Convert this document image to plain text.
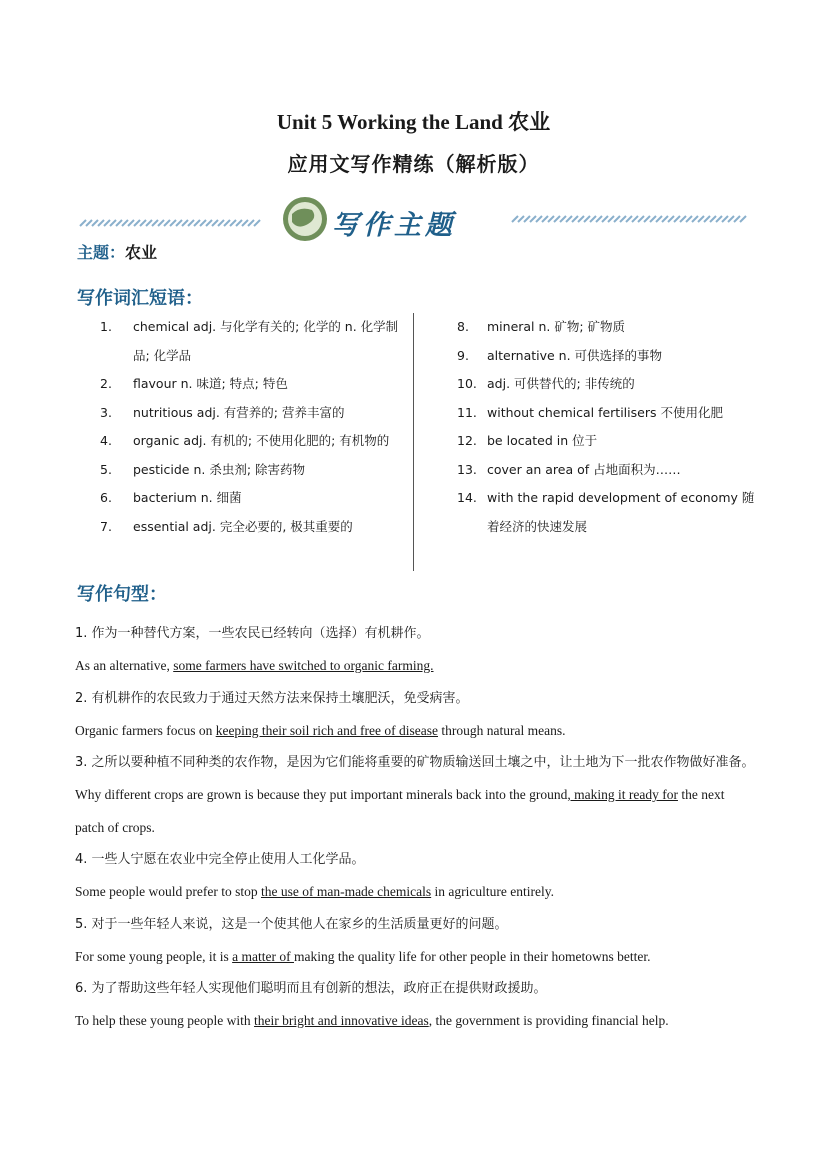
Unit 5 Working the Land 农业
应用文写作精练（解析版）
写作主题
主题：农业
写作词汇短语：
1.	chemical adj. 与化学有关的; 化学的 n. 化学制品; 化学品
2.	flavour n. 味道; 特点; 特色
3.	nutritious adj. 有营养的; 营养丰富的
4.	organic adj. 有机的; 不使用化肥的; 有机物的
5.	pesticide n. 杀虫剂; 除害药物
6.	bacterium n. 细菌
7.	essential adj. 完全必要的, 极其重要的
8.	mineral n. 矿物; 矿物质
9.	alternative n. 可供选择的事物
10. adj. 可供替代的; 非传统的
11. without chemical fertilisers 不使用化肥
12. be located in 位于
13. cover an area of 占地面积为……
14. with the rapid development of economy 随着经济的快速发展
写作句型：
1. 作为一种替代方案，一些农民已经转向（选择）有机耕作。
As an alternative, some farmers have switched to organic farming.
2. 有机耕作的农民致力于通过天然方法来保持土壤肥沃，免受病害。
Organic farmers focus on keeping their soil rich and free of disease through natural means.
3. 之所以要种植不同种类的农作物，是因为它们能将重要的矿物质输送回土壤之中，让土地为下一批农作物做好准备。
Why different crops are grown is because they put important minerals back into the ground, making it ready for the next patch of crops.
4. 一些人宁愿在农业中完全停止使用人工化学品。
Some people would prefer to stop the use of man-made chemicals in agriculture entirely.
5. 对于一些年轻人来说，这是一个使其他人在家乡的生活质量更好的问题。
For some young people, it is a matter of making the quality life for other people in their hometowns better.
6. 为了帮助这些年轻人实现他们聪明而且有创新的想法，政府正在提供财政援助。
To help these young people with their bright and innovative ideas, the government is providing financial help.
